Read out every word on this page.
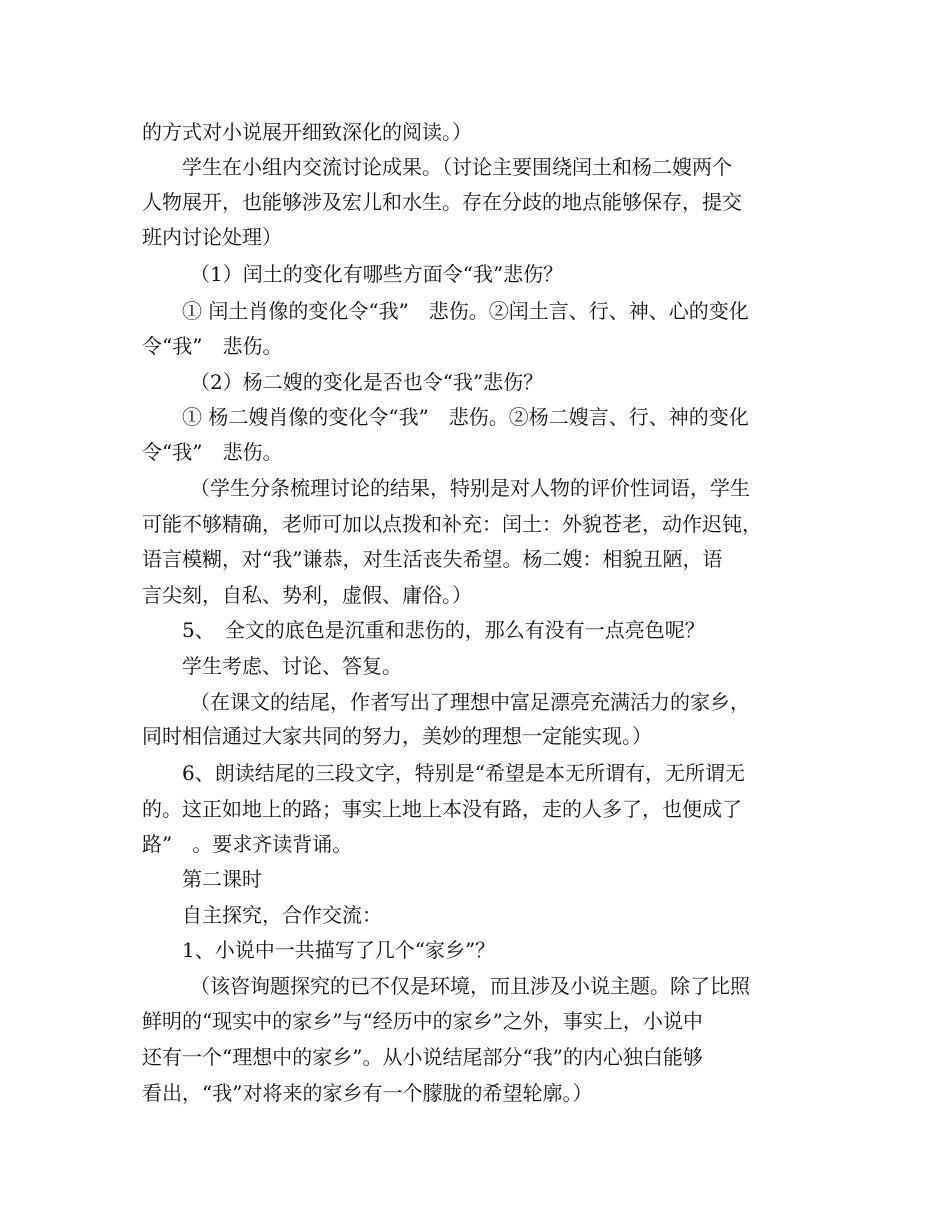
的方式对小说展开细致深化的阅读。）
学生在小组内交流讨论成果。（讨论主要围绕闰土和杨二嫂两个
人物展开，也能够涉及宏儿和水生。存在分歧的地点能够保存，提交
班内讨论处理）
（1）闰土的变化有哪些方面令“我”悲伤？
① 闰土肖像的变化令“我”　悲伤。②闰土言、行、神、心的变化
令“我”　悲伤。
（2）杨二嫂的变化是否也令“我”悲伤？
① 杨二嫂肖像的变化令“我”　悲伤。②杨二嫂言、行、神的变化
令“我”　悲伤。
（学生分条梳理讨论的结果，特别是对人物的评价性词语，学生
可能不够精确，老师可加以点拨和补充：闰土：外貌苍老，动作迟钝，
语言模糊，对“我”谦恭，对生活丧失希望。杨二嫂：相貌丑陋，语
言尖刻，自私、势利，虚假、庸俗。）
5、　全文的底色是沉重和悲伤的，那么有没有一点亮色呢？
学生考虑、讨论、答复。
（在课文的结尾，作者写出了理想中富足漂亮充满活力的家乡，
同时相信通过大家共同的努力，美妙的理想一定能实现。）
6、朗读结尾的三段文字，特别是“希望是本无所谓有，无所谓无
的。这正如地上的路；事实上地上本没有路，走的人多了，也便成了
路”　。要求齐读背诵。
第二课时
自主探究，合作交流：
1、小说中一共描写了几个“家乡”？
（该咨询题探究的已不仅是环境，而且涉及小说主题。除了比照
鲜明的“现实中的家乡”与“经历中的家乡”之外，事实上，小说中
还有一个“理想中的家乡”。从小说结尾部分“我”的内心独白能够
看出，“我”对将来的家乡有一个朦胧的希望轮廓。）
